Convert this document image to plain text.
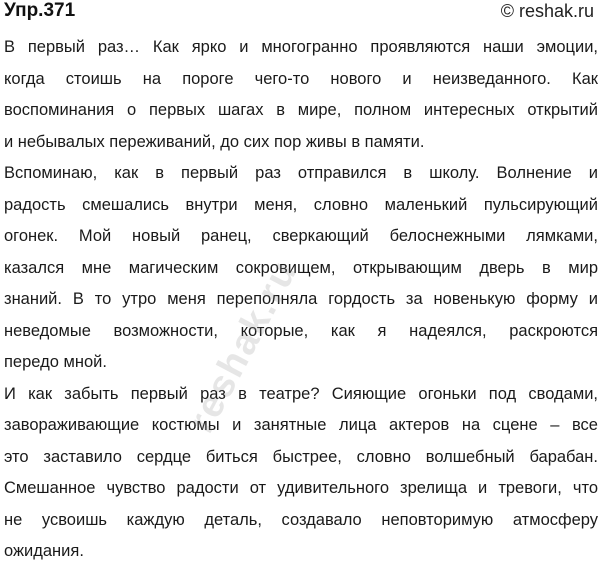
Упр.371	© reshak.ru
В первый раз… Как ярко и многогранно проявляются наши эмоции,
когда стоишь на пороге чего-то нового и неизведанного. Как
воспоминания о первых шагах в мире, полном интересных открытий
и небывалых переживаний, до сих пор живы в памяти.
Вспоминаю, как в первый раз отправился в школу. Волнение и
радость смешались внутри меня, словно маленький пульсирующий
огонек. Мой новый ранец, сверкающий белоснежными лямками,
казался мне магическим сокровищем, открывающим дверь в мир
знаний. В то утро меня переполняла гордость за новенькую форму и
неведомые возможности, которые, как я надеялся, раскроются
передо мной.
И как забыть первый раз в театре? Сияющие огоньки под сводами,
завораживающие костюмы и занятные лица актеров на сцене – все
это заставило сердце биться быстрее, словно волшебный барабан.
Смешанное чувство радости от удивительного зрелища и тревоги, что
не усвоишь каждую деталь, создавало неповторимую атмосферу
ожидания.
reshak.ru
